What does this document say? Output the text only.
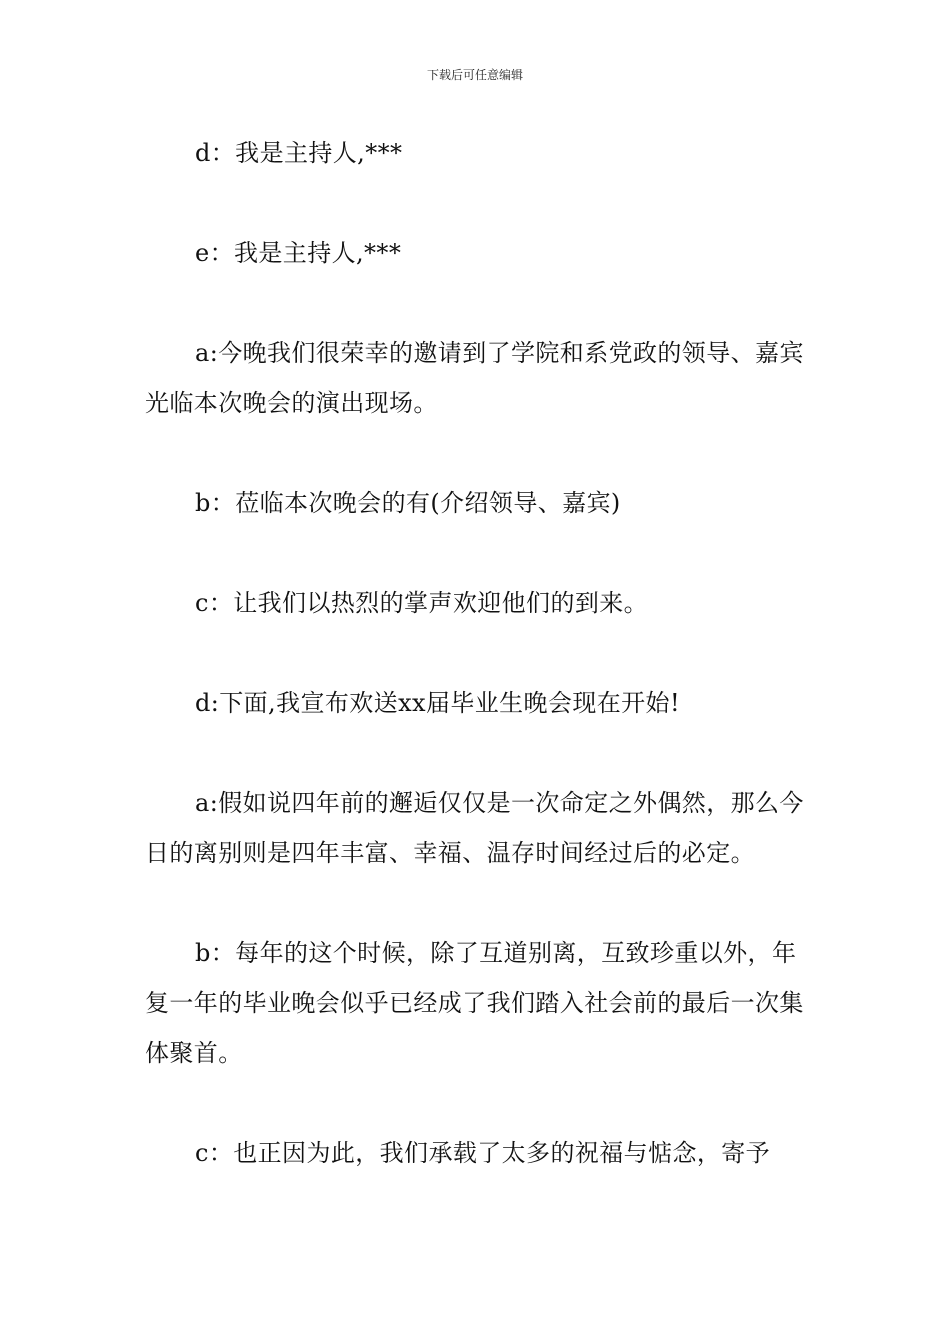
下载后可任意编辑

d：我是主持人,***

e：我是主持人,***

a:今晚我们很荣幸的邀请到了学院和系党政的领导、嘉宾光临本次晚会的演出现场。

b：莅临本次晚会的有(介绍领导、嘉宾)

c：让我们以热烈的掌声欢迎他们的到来。

d:下面,我宣布欢送xx届毕业生晚会现在开始!

a:假如说四年前的邂逅仅仅是一次命定之外偶然，那么今日的离别则是四年丰富、幸福、温存时间经过后的必定。

b：每年的这个时候，除了互道别离，互致珍重以外，年复一年的毕业晚会似乎已经成了我们踏入社会前的最后一次集体聚首。

c：也正因为此，我们承载了太多的祝福与惦念，寄予
